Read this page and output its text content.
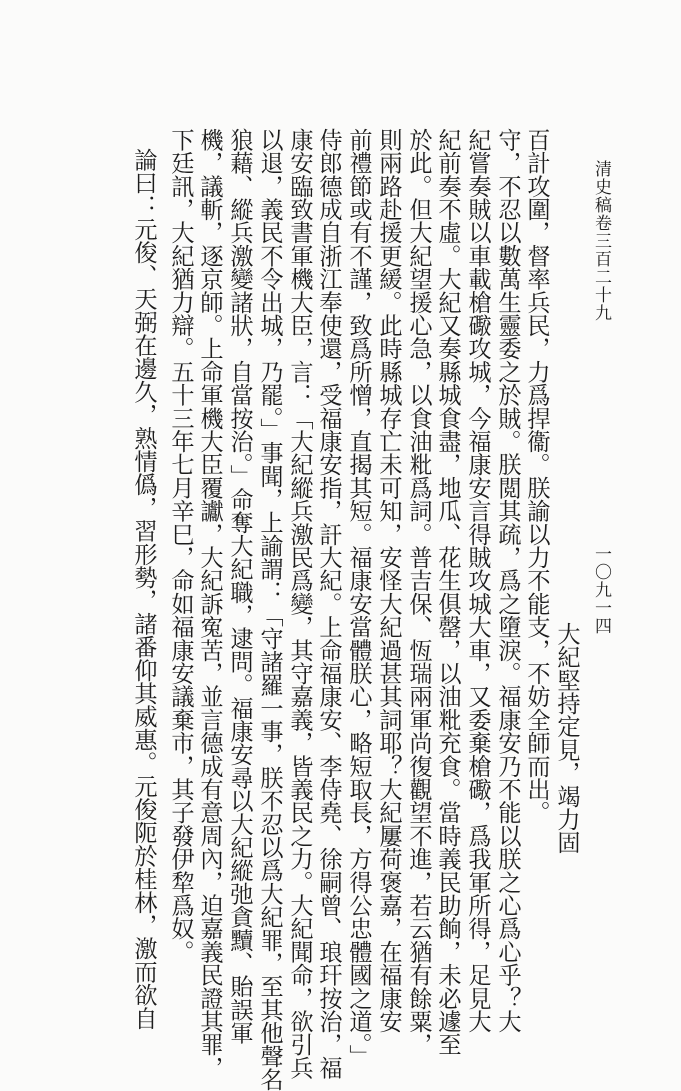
清史稿卷三百二十九
一〇九一四
大紀堅持定見，竭力固
百計攻圍，督率兵民，力爲捍衞。朕諭以力不能支，不妨全師而出。
守，不忍以數萬生靈委之於賊。朕閲其疏，爲之墮淚。福康安乃不能以朕之心爲心乎？大
紀嘗奏賊以車載槍礮攻城，今福康安言得賊攻城大車，又委棄槍礮，爲我軍所得，足見大
紀前奏不虛。大紀又奏縣城食盡，地瓜、花生俱罄，以油粃充食。當時義民助餉，未必遽至
於此。但大紀望援心急，以食油粃爲詞。普吉保、恆瑞兩軍尚復觀望不進，若云猶有餘粟，
則兩路赴援更緩。此時縣城存亡未可知，安怪大紀過甚其詞耶？大紀屢荷褒嘉，在福康安
前禮節或有不謹，致爲所憎，直揭其短。福康安當體朕心，略短取長，方得公忠體國之道。」
侍郎德成自浙江奉使還，受福康安指，訐大紀。上命福康安、李侍堯、徐嗣曾、琅玕按治，福
康安臨致書軍機大臣，言：「大紀縱兵激民爲變，其守嘉義，皆義民之力。大紀聞命，欲引兵
以退，義民不令出城，乃罷。」事聞，上諭謂：「守諸羅一事，朕不忍以爲大紀罪，至其他聲名
狼藉、縱兵激變諸狀，自當按治。」命奪大紀職，逮問。福康安尋以大紀縱弛貪黷、貽誤軍
機，議斬，逐京師。上命軍機大臣覆讞，大紀訴寃苦，並言德成有意周內，迫嘉義民證其罪，
下廷訊，大紀猶力辯。五十三年七月辛巳，命如福康安議棄市，其子發伊犂爲奴。
論曰：元俊、天弼在邊久，熟情僞，習形勢，諸番仰其威惠。元俊阨於桂林，激而欲自
